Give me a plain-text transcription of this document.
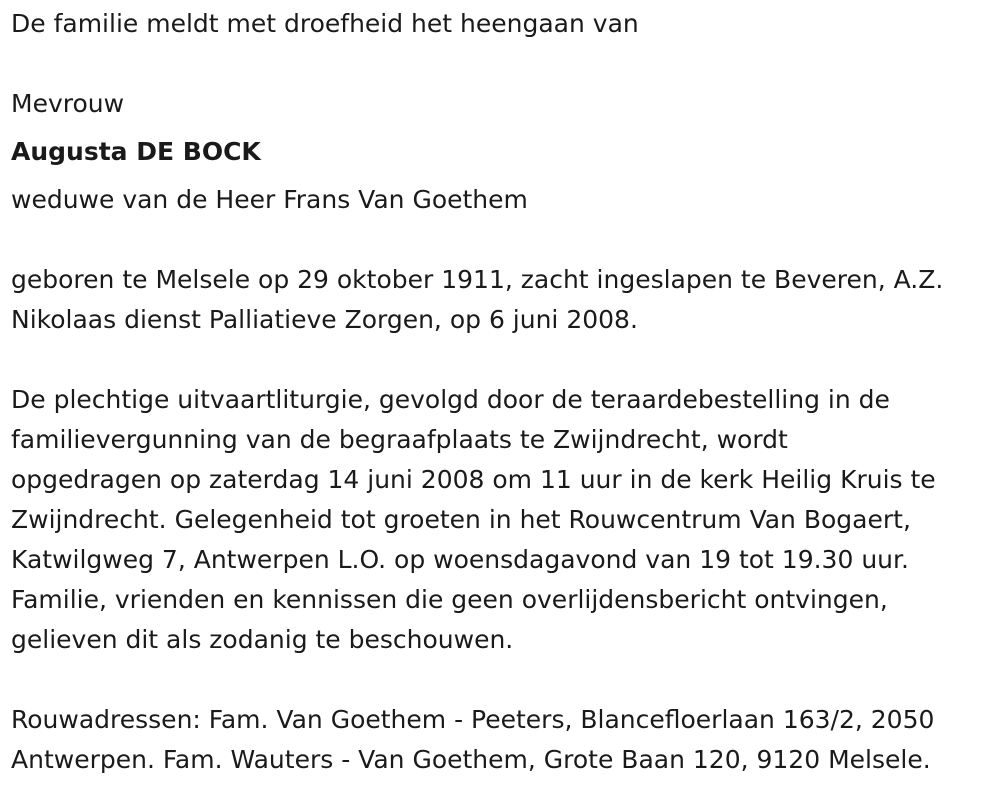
De familie meldt met droefheid het heengaan van

Mevrouw

Augusta DE BOCK

weduwe van de Heer Frans Van Goethem

geboren te Melsele op 29 oktober 1911, zacht ingeslapen te Beveren, A.Z.
Nikolaas dienst Palliatieve Zorgen, op 6 juni 2008.

De plechtige uitvaartliturgie, gevolgd door de teraardebestelling in de
familievergunning van de begraafplaats te Zwijndrecht, wordt
opgedragen op zaterdag 14 juni 2008 om 11 uur in de kerk Heilig Kruis te
Zwijndrecht. Gelegenheid tot groeten in het Rouwcentrum Van Bogaert,
Katwilgweg 7, Antwerpen L.O. op woensdagavond van 19 tot 19.30 uur.
Familie, vrienden en kennissen die geen overlijdensbericht ontvingen,
gelieven dit als zodanig te beschouwen.

Rouwadressen: Fam. Van Goethem - Peeters, Blancefloerlaan 163/2, 2050
Antwerpen. Fam. Wauters - Van Goethem, Grote Baan 120, 9120 Melsele.
